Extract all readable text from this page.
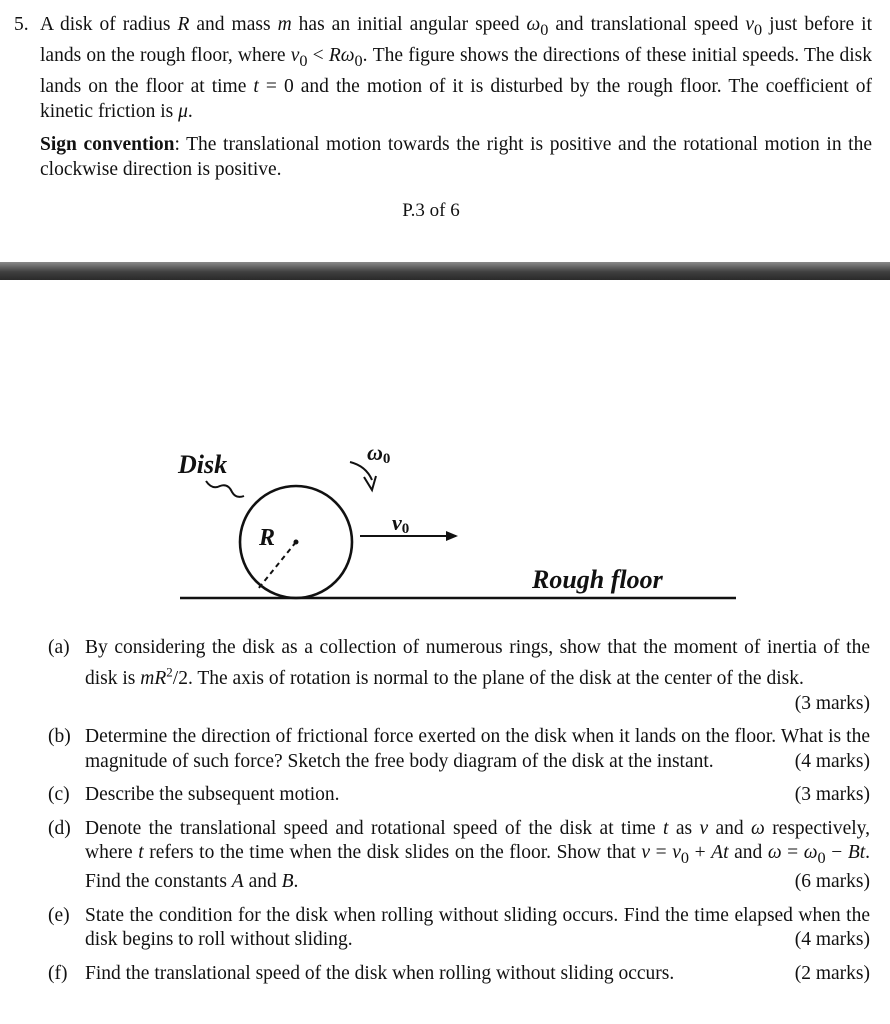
5. A disk of radius R and mass m has an initial angular speed $\omega_0$ and translational speed $v_0$ just before it lands on the rough floor, where $v_0 < R\omega_0$. The figure shows the directions of these initial speeds. The disk lands on the floor at time t = 0 and the motion of it is disturbed by the rough floor. The coefficient of kinetic friction is μ.

Sign convention: The translational motion towards the right is positive and the rotational motion in the clockwise direction is positive.

P.3 of 6
Disk
R
ω0
v0
Rough floor
(a) By considering the disk as a collection of numerous rings, show that the moment of inertia of the disk is $mR^2/2$. The axis of rotation is normal to the plane of the disk at the center of the disk.
(3 marks)
(b) Determine the direction of frictional force exerted on the disk when it lands on the floor. What is the magnitude of such force? Sketch the free body diagram of the disk at the instant.	(4 marks)
(c) Describe the subsequent motion.	(3 marks)
(d) Denote the translational speed and rotational speed of the disk at time t as v and ω respectively, where t refers to the time when the disk slides on the floor. Show that $v = v_0 + At$ and $\omega = \omega_0 - Bt$. Find the constants A and B.	(6 marks)
(e) State the condition for the disk when rolling without sliding occurs. Find the time elapsed when the disk begins to roll without sliding.	(4 marks)
(f) Find the translational speed of the disk when rolling without sliding occurs.	(2 marks)
